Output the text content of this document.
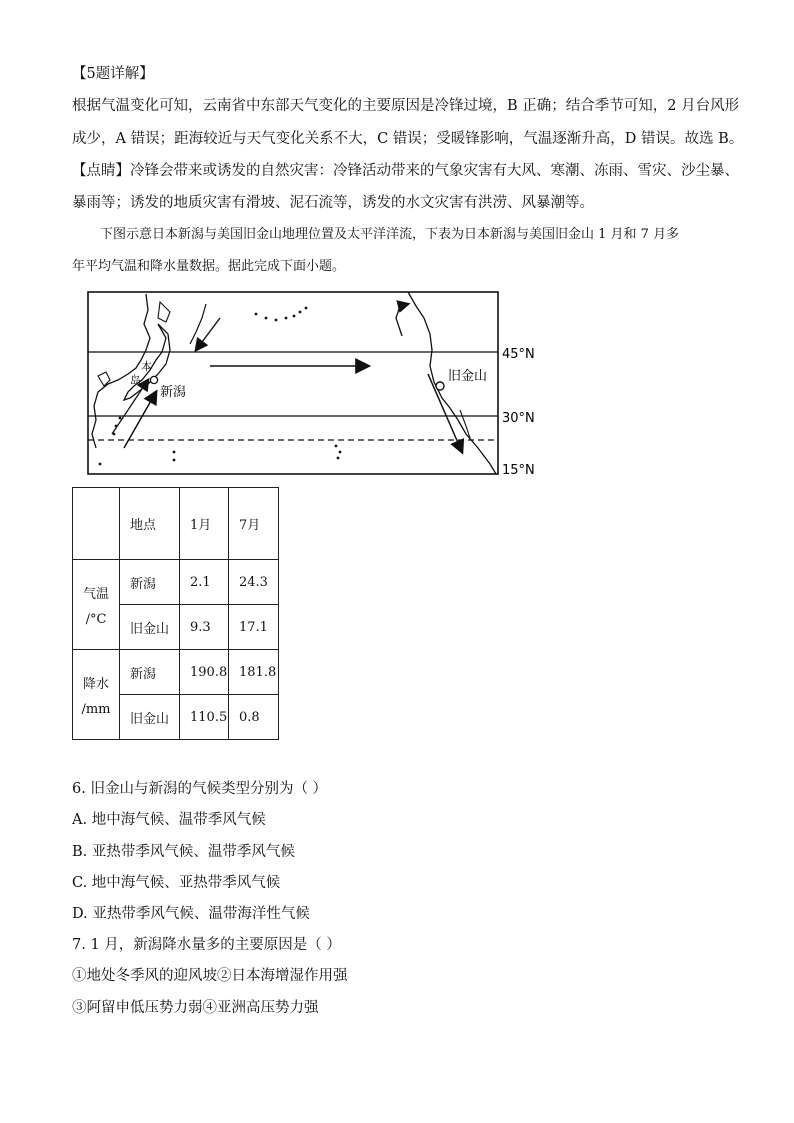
【5题详解】
根据气温变化可知，云南省中东部天气变化的主要原因是冷锋过境，B 正确；结合季节可知，2 月台风形
成少，A 错误；距海较近与天气变化关系不大，C 错误；受暖锋影响，气温逐渐升高，D 错误。故选 B。
【点睛】冷锋会带来或诱发的自然灾害：冷锋活动带来的气象灾害有大风、寒潮、冻雨、雪灾、沙尘暴、
暴雨等；诱发的地质灾害有滑坡、泥石流等，诱发的水文灾害有洪涝、风暴潮等。
下图示意日本新潟与美国旧金山地理位置及太平洋洋流，下表为日本新潟与美国旧金山 1 月和 7 月多
年平均气温和降水量数据。据此完成下面小题。
本
岛
新潟
旧金山
45°N
30°N
15°N
	地点	1月	7月

气温
/°C	新潟	2.1	24.3
	旧金山	9.3	17.1

降水
/mm	新潟	190.8	181.8
	旧金山	110.5	0.8
6. 旧金山与新潟的气候类型分别为（ ）
A. 地中海气候、温带季风气候
B. 亚热带季风气候、温带季风气候
C. 地中海气候、亚热带季风气候
D. 亚热带季风气候、温带海洋性气候
7. 1 月，新潟降水量多的主要原因是（ ）
①地处冬季风的迎风坡②日本海增湿作用强
③阿留申低压势力弱④亚洲高压势力强
